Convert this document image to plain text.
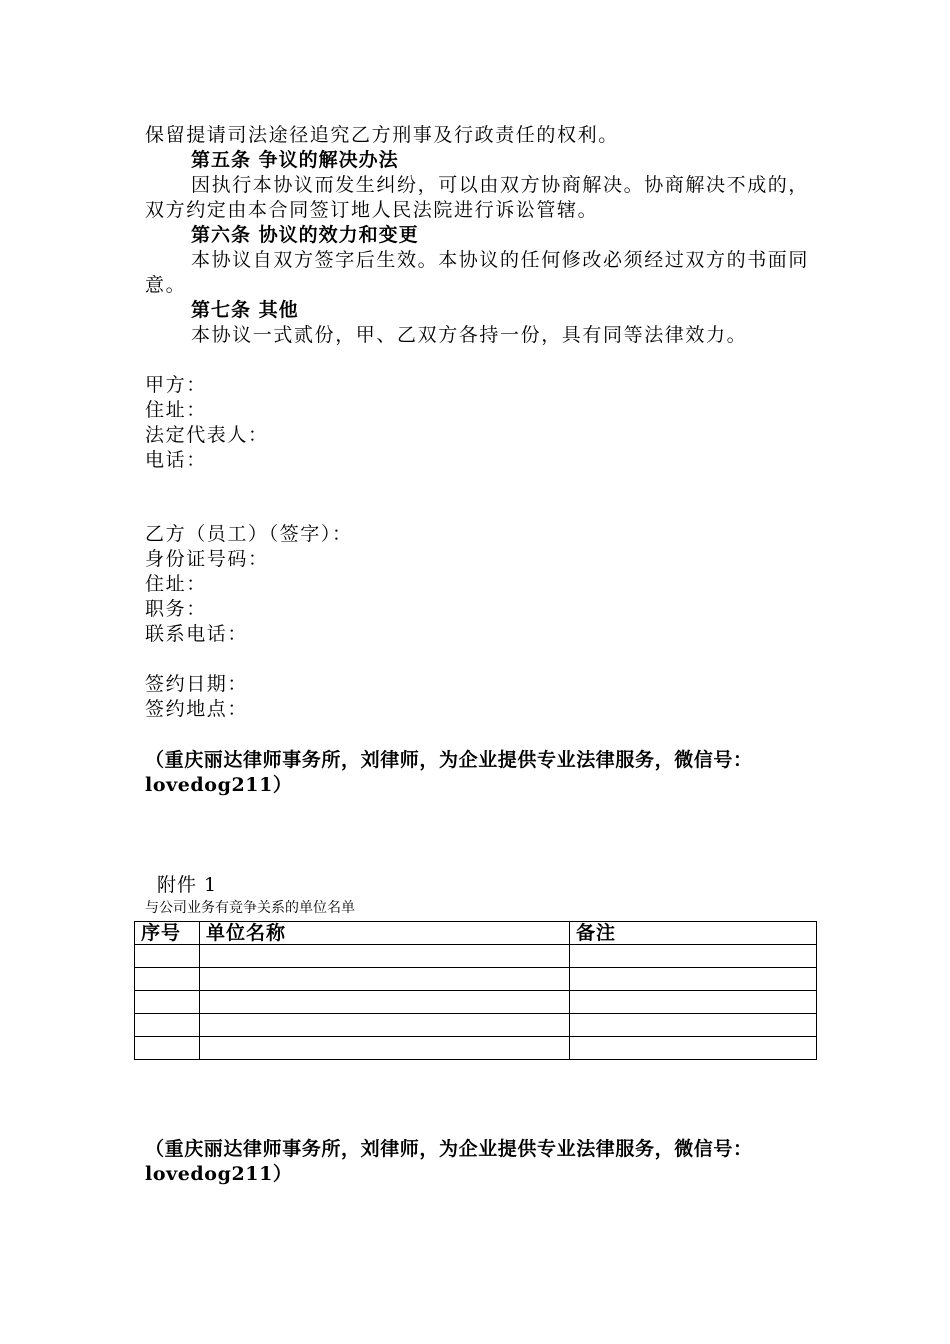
保留提请司法途径追究乙方刑事及行政责任的权利。

第五条 争议的解决办法

因执行本协议而发生纠纷，可以由双方协商解决。协商解决不成的，双方约定由本合同签订地人民法院进行诉讼管辖。

第六条 协议的效力和变更

本协议自双方签字后生效。本协议的任何修改必须经过双方的书面同意。

第七条 其他

本协议一式贰份，甲、乙双方各持一份，具有同等法律效力。

甲方：

住址：

法定代表人：

电话：

乙方（员工）（签字）：

身份证号码：

住址：

职务：

联系电话：

签约日期：

签约地点：

（重庆丽达律师事务所，刘律师，为企业提供专业法律服务，微信号：lovedog211）

附件 1

与公司业务有竞争关系的单位名单

序号	单位名称	备注

（重庆丽达律师事务所，刘律师，为企业提供专业法律服务，微信号：lovedog211）
